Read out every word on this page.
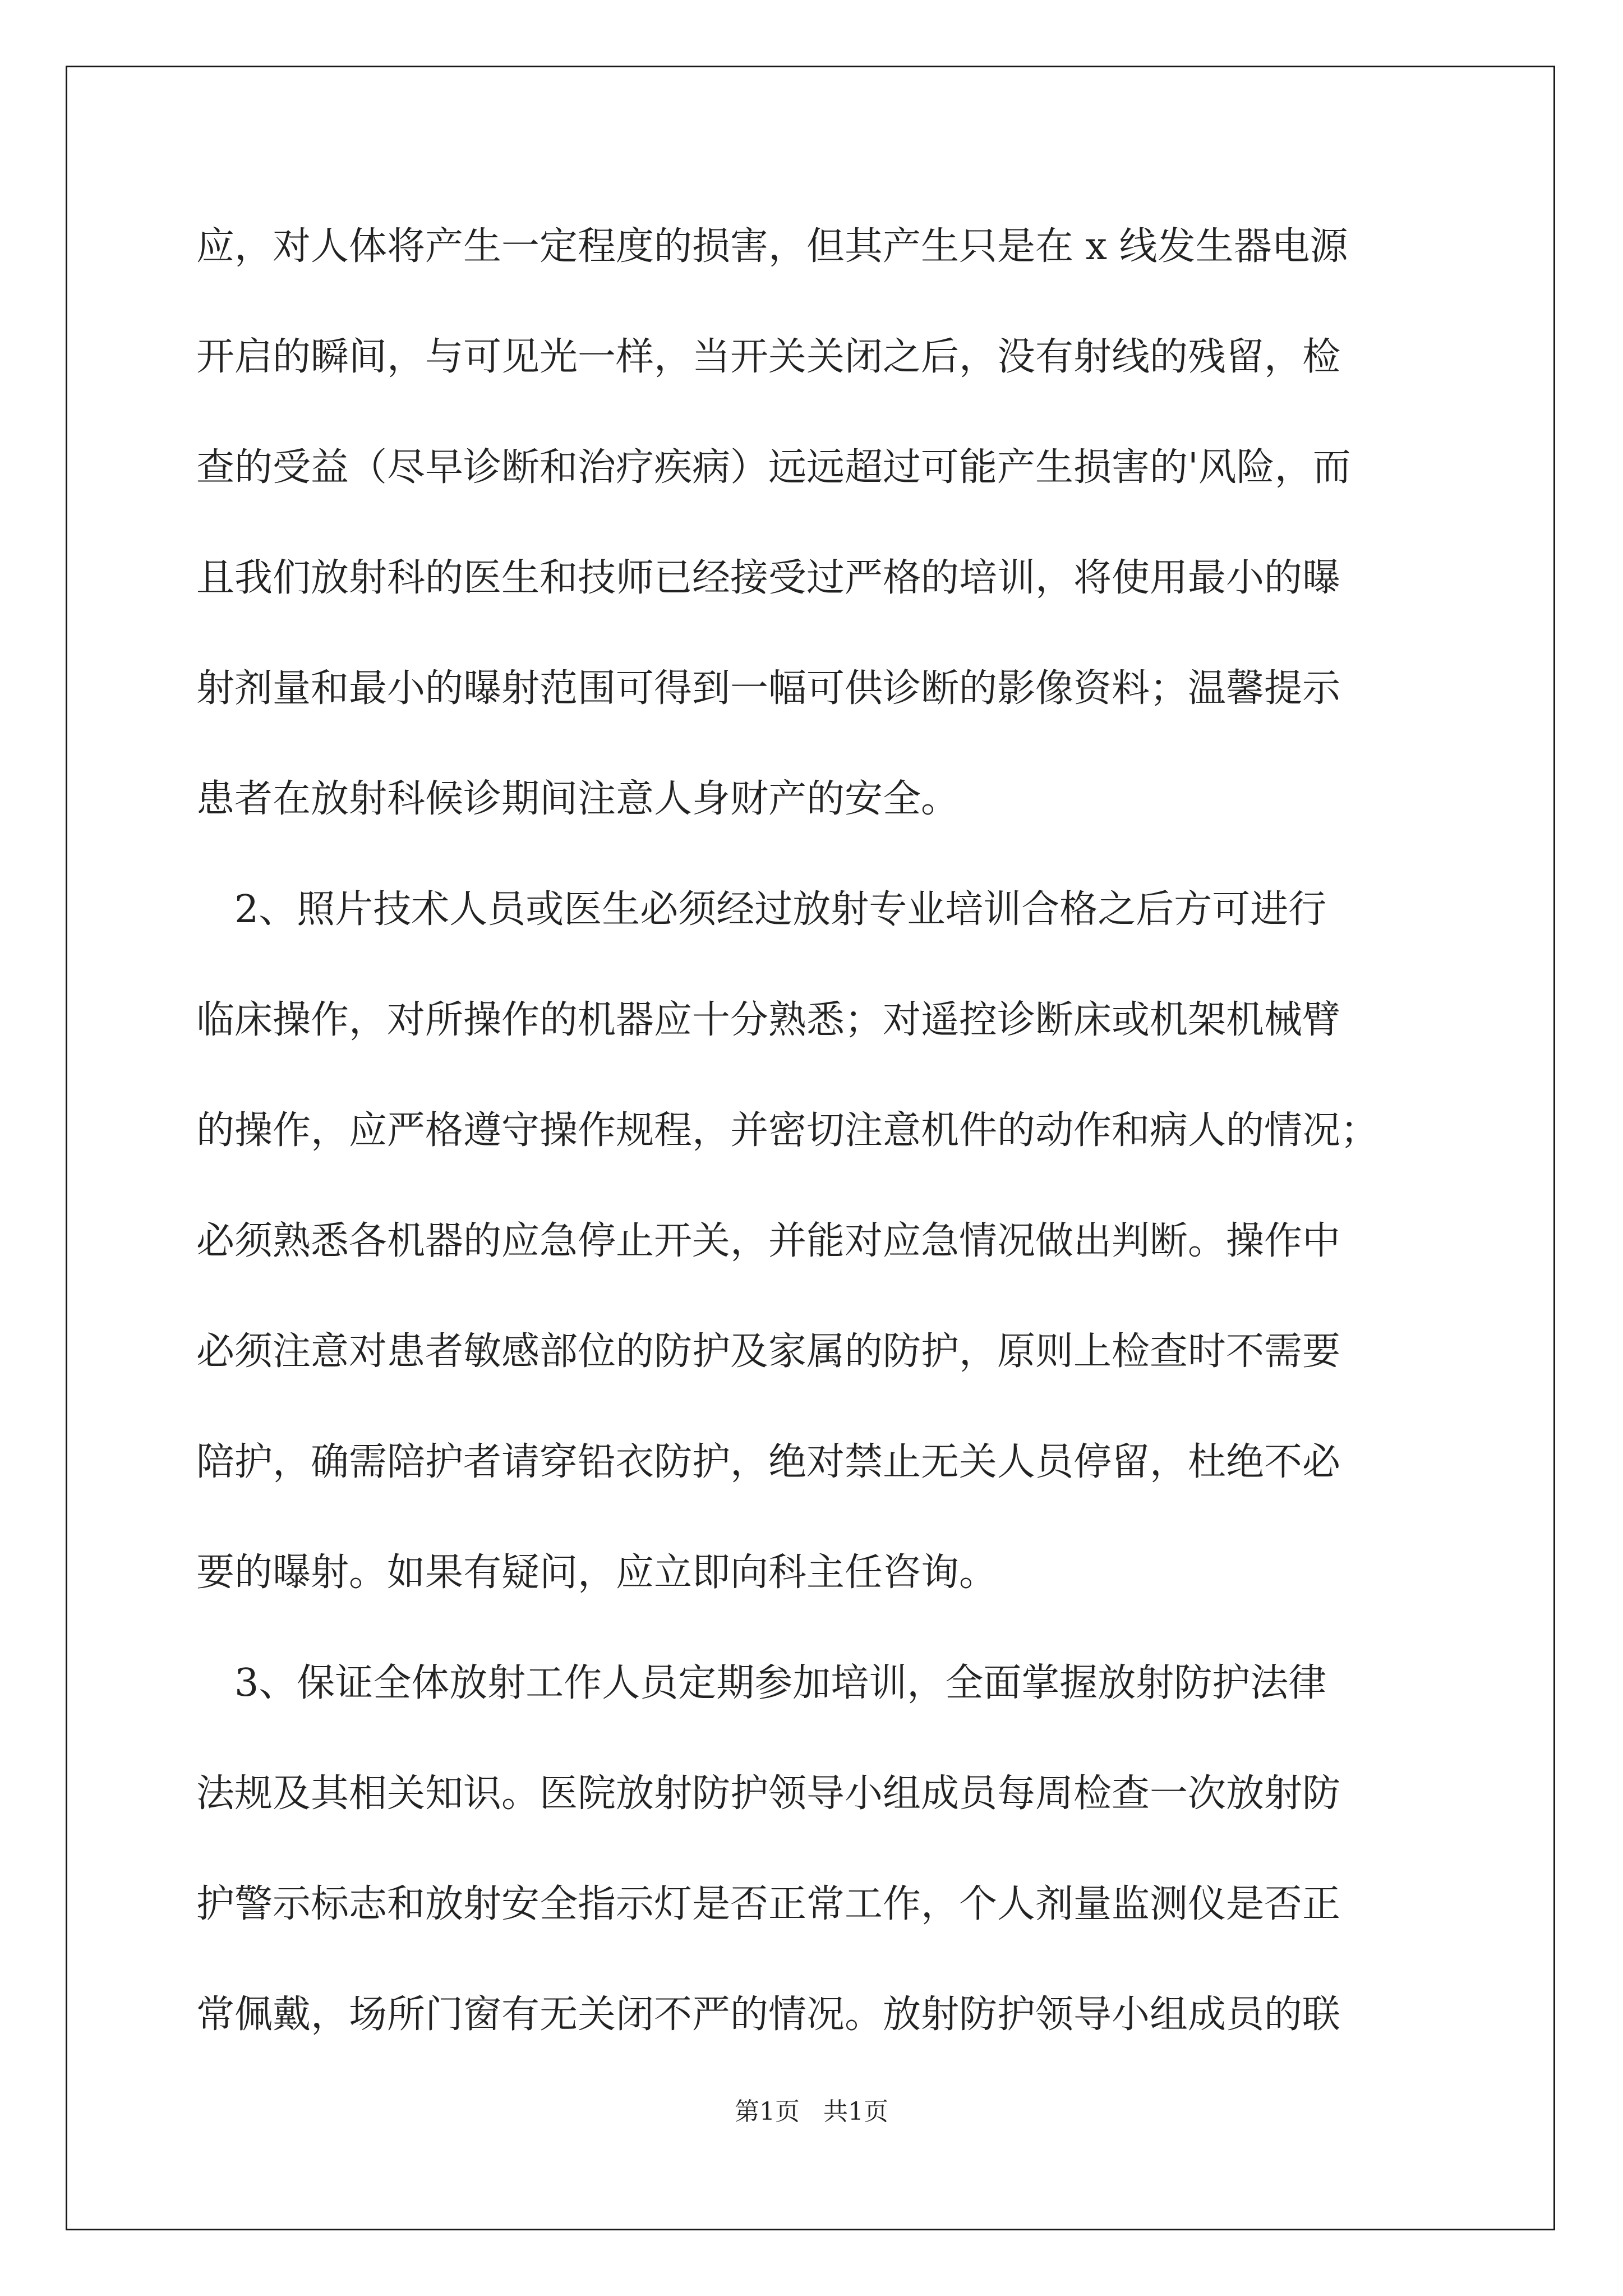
应，对人体将产生一定程度的损害，但其产生只是在 x 线发生器电源
开启的瞬间，与可见光一样，当开关关闭之后，没有射线的残留，检
查的受益（尽早诊断和治疗疾病）远远超过可能产生损害的'风险，而
且我们放射科的医生和技师已经接受过严格的培训，将使用最小的曝
射剂量和最小的曝射范围可得到一幅可供诊断的影像资料；温馨提示
患者在放射科候诊期间注意人身财产的安全。
　2、照片技术人员或医生必须经过放射专业培训合格之后方可进行
临床操作，对所操作的机器应十分熟悉；对遥控诊断床或机架机械臂
的操作，应严格遵守操作规程，并密切注意机件的动作和病人的情况；
必须熟悉各机器的应急停止开关，并能对应急情况做出判断。操作中
必须注意对患者敏感部位的防护及家属的防护，原则上检查时不需要
陪护，确需陪护者请穿铅衣防护，绝对禁止无关人员停留，杜绝不必
要的曝射。如果有疑问，应立即向科主任咨询。
　3、保证全体放射工作人员定期参加培训，全面掌握放射防护法律
法规及其相关知识。医院放射防护领导小组成员每周检查一次放射防
护警示标志和放射安全指示灯是否正常工作，个人剂量监测仪是否正
常佩戴，场所门窗有无关闭不严的情况。放射防护领导小组成员的联
第1页   共1页
